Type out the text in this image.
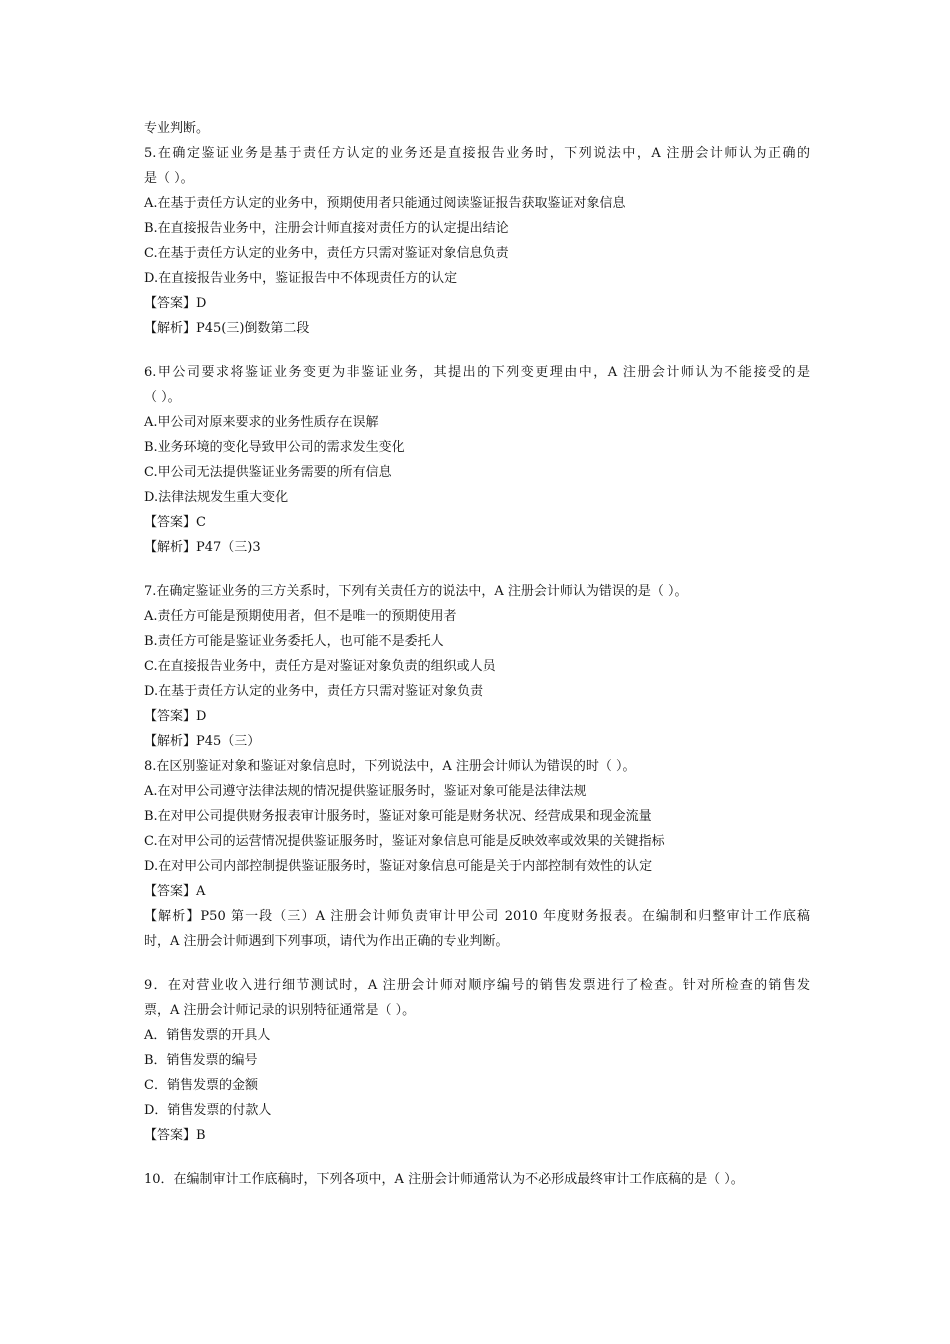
专业判断。
5.在确定鉴证业务是基于责任方认定的业务还是直接报告业务时，下列说法中，A 注册会计师认为正确的
是（ ）。
A.在基于责任方认定的业务中，预期使用者只能通过阅读鉴证报告获取鉴证对象信息
B.在直接报告业务中，注册会计师直接对责任方的认定提出结论
C.在基于责任方认定的业务中，责任方只需对鉴证对象信息负责
D.在直接报告业务中，鉴证报告中不体现责任方的认定
【答案】D
【解析】P45(三)倒数第二段
6.甲公司要求将鉴证业务变更为非鉴证业务，其提出的下列变更理由中，A 注册会计师认为不能接受的是
（ ）。
A.甲公司对原来要求的业务性质存在误解
B.业务环境的变化导致甲公司的需求发生变化
C.甲公司无法提供鉴证业务需要的所有信息
D.法律法规发生重大变化
【答案】C
【解析】P47（三)3
7.在确定鉴证业务的三方关系时，下列有关责任方的说法中，A 注册会计师认为错误的是（ ）。
A.责任方可能是预期使用者，但不是唯一的预期使用者
B.责任方可能是鉴证业务委托人，也可能不是委托人
C.在直接报告业务中，责任方是对鉴证对象负责的组织或人员
D.在基于责任方认定的业务中，责任方只需对鉴证对象负责
【答案】D
【解析】P45（三）
8.在区别鉴证对象和鉴证对象信息时，下列说法中，A 注册会计师认为错误的时（ ）。
A.在对甲公司遵守法律法规的情况提供鉴证服务时，鉴证对象可能是法律法规
B.在对甲公司提供财务报表审计服务时，鉴证对象可能是财务状况、经营成果和现金流量
C.在对甲公司的运营情况提供鉴证服务时，鉴证对象信息可能是反映效率或效果的关键指标
D.在对甲公司内部控制提供鉴证服务时，鉴证对象信息可能是关于内部控制有效性的认定
【答案】A
【解析】P50 第一段（三）A 注册会计师负责审计甲公司 2010 年度财务报表。在编制和归整审计工作底稿
时，A 注册会计师遇到下列事项，请代为作出正确的专业判断。
9．在对营业收入进行细节测试时，A 注册会计师对顺序编号的销售发票进行了检查。针对所检查的销售发
票，A 注册会计师记录的识别特征通常是（ ）。
A．销售发票的开具人
B．销售发票的编号
C．销售发票的金额
D．销售发票的付款人
【答案】B
10．在编制审计工作底稿时，下列各项中，A 注册会计师通常认为不必形成最终审计工作底稿的是（ ）。
